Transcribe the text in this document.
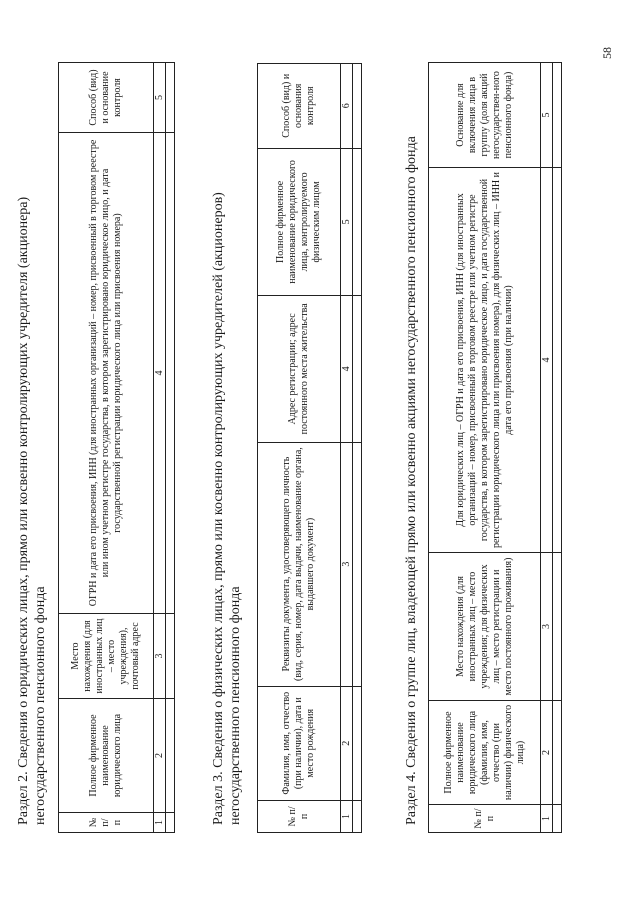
58
Раздел 2. Сведения о юридических лицах, прямо или косвенно контролирующих учредителя (акционера) негосударственного пенсионного фонда	№ п/п	Полное фирменное наименование юридического лица	Место нахождения (для иностранных лиц – место учреждения), почтовый адрес	ОГРН и дата его присвоения, ИНН (для иностранных организаций – номер, присвоенный в торговом реестре или ином учетном регистре государства, в котором зарегистрировано юридическое лицо, и дата государственной регистрации юридического лица или присвоения номера)	Способ (вид) и основание контроля
1	2	3	4	5

Раздел 3. Сведения о физических лицах, прямо или косвенно контролирующих учредителей (акционеров) негосударственного пенсионного фонда	№ п/п	Фамилия, имя, отчество (при наличии), дата и место рождения	Реквизиты документа, удостоверяющего личность (вид, серия, номер, дата выдачи, наименование органа, выдавшего документ)	Адрес регистрации; адрес постоянного места жительства	Полное фирменное наименование юридического лица, контролируемого физическим лицом	Способ (вид) и основания контроля
1	2	3	4	5	6

Раздел 4. Сведения о группе лиц, владеющей прямо или косвенно акциями негосударственного пенсионного фонда	№ п/п	Полное фирменное наименование юридического лица (фамилия, имя, отчество (при наличии) физического лица)	Место нахождения (для иностранных лиц – место учреждения; для физических лиц – место регистрации и место постоянного проживания)	Для юридических лиц – ОГРН и дата его присвоения, ИНН (для иностранных организаций – номер, присвоенный в торговом реестре или учетном регистре государства, в котором зарегистрировано юридическое лицо, и дата государственной регистрации юридического лица или присвоения номера), для физических лиц – ИНН и дата его присвоения (при наличии)	Основание для включения лица в группу (доля акций негосударствен-ного пенсионного фонда)
1	2	3	4	5
